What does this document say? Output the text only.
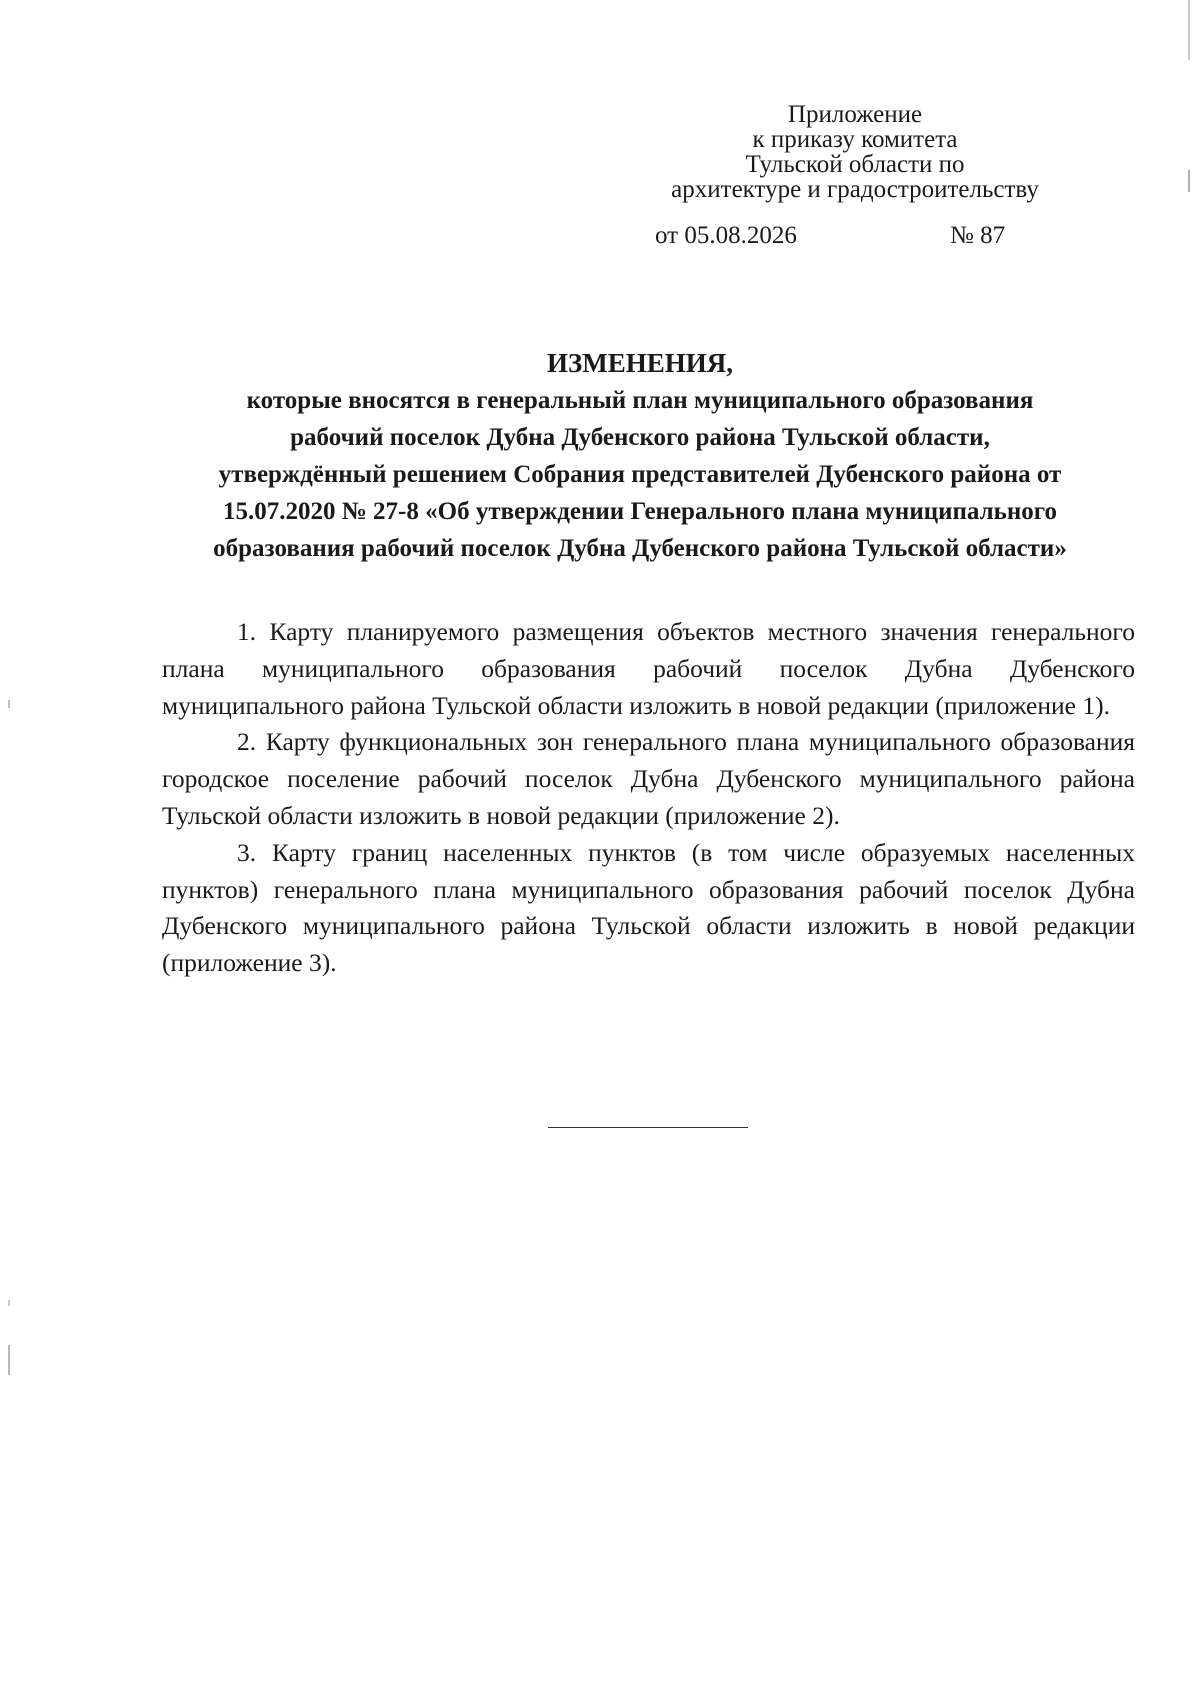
Приложение
к приказу комитета
Тульской области по
архитектуре и градостроительству
от 05.08.2026	№ 87
ИЗМЕНЕНИЯ,
которые вносятся в генеральный план муниципального образования
рабочий поселок Дубна Дубенского района Тульской области,
утверждённый решением Собрания представителей Дубенского района от
15.07.2020 № 27-8 «Об утверждении Генерального плана муниципального
образования рабочий поселок Дубна Дубенского района Тульской области»

1. Карту планируемого размещения объектов местного значения генерального плана муниципального образования рабочий поселок Дубна Дубенского муниципального района Тульской области изложить в новой редакции (приложение 1).

2. Карту функциональных зон генерального плана муниципального образования городское поселение рабочий поселок Дубна Дубенского муниципального района Тульской области изложить в новой редакции (приложение 2).

3. Карту границ населенных пунктов (в том числе образуемых населенных пунктов) генерального плана муниципального образования рабочий поселок Дубна Дубенского муниципального района Тульской области изложить в новой редакции (приложение 3).
